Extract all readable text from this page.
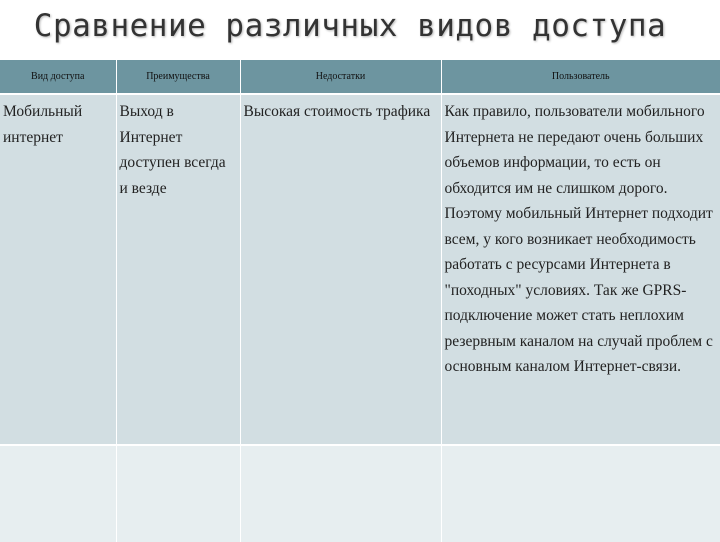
Сравнение различных видов доступа
Вид доступа	Преимущества	Недостатки	Пользователь
Мобильный интернет	Выход в Интернет доступен всегда и везде	Высокая стоимость трафика	Как правило, пользователи мобильного Интернета не передают очень больших объемов информации, то есть он обходится им не слишком дорого. Поэтому мобильный Интернет подходит всем, у кого возникает необходимость работать с ресурсами Интернета в "походных" условиях. Так же GPRS-подключение может стать неплохим резервным каналом на случай проблем с основным каналом Интернет-связи.
